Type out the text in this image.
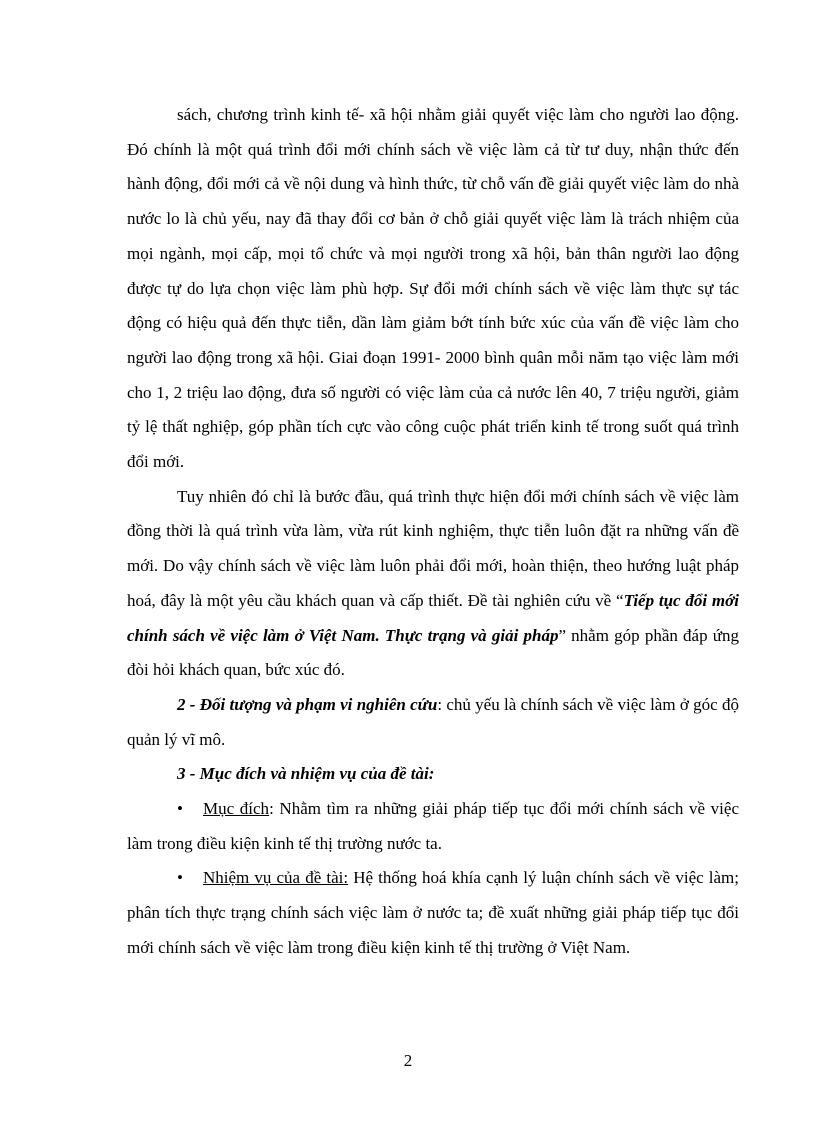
sách, chương trình kinh tế- xã hội nhằm giải quyết việc làm cho người lao động. Đó chính là một quá trình đổi mới chính sách về việc làm cả từ tư duy, nhận thức đến hành động, đổi mới cả về nội dung và hình thức, từ chỗ vấn đề giải quyết việc làm do nhà nước lo là chủ yếu, nay đã thay đổi cơ bản ở chỗ giải quyết việc làm là trách nhiệm của mọi ngành, mọi cấp, mọi tổ chức và mọi người trong xã hội, bản thân người lao động được tự do lựa chọn việc làm phù hợp. Sự đổi mới chính sách về việc làm thực sự tác động có hiệu quả đến thực tiễn, dần làm giảm bớt tính bức xúc của vấn đề việc làm cho người lao động trong xã hội. Giai đoạn 1991- 2000 bình quân mỗi năm tạo việc làm mới cho 1, 2 triệu lao động, đưa số người có việc làm của cả nước lên 40, 7 triệu người, giảm tỷ lệ thất nghiệp, góp phần tích cực vào công cuộc phát triển kinh tế trong suốt quá trình đổi mới.

Tuy nhiên đó chỉ là bước đầu, quá trình thực hiện đổi mới chính sách về việc làm đồng thời là quá trình vừa làm, vừa rút kinh nghiệm, thực tiễn luôn đặt ra những vấn đề mới. Do vậy chính sách về việc làm luôn phải đổi mới, hoàn thiện, theo hướng luật pháp hoá, đây là một yêu cầu khách quan và cấp thiết. Đề tài nghiên cứu về “Tiếp tục đổi mới chính sách về việc làm ở Việt Nam. Thực trạng và giải pháp” nhằm góp phần đáp ứng đòi hỏi khách quan, bức xúc đó.

2 - Đối tượng và phạm vi nghiên cứu: chủ yếu là chính sách về việc làm ở góc độ quản lý vĩ mô.

3 - Mục đích và nhiệm vụ của đề tài:

• Mục đích: Nhằm tìm ra những giải pháp tiếp tục đổi mới chính sách về việc làm trong điều kiện kinh tế thị trường nước ta.

• Nhiệm vụ của đề tài: Hệ thống hoá khía cạnh lý luận chính sách về việc làm; phân tích thực trạng chính sách việc làm ở nước ta; đề xuất những giải pháp tiếp tục đổi mới chính sách về việc làm trong điều kiện kinh tế thị trường ở Việt Nam.

2
